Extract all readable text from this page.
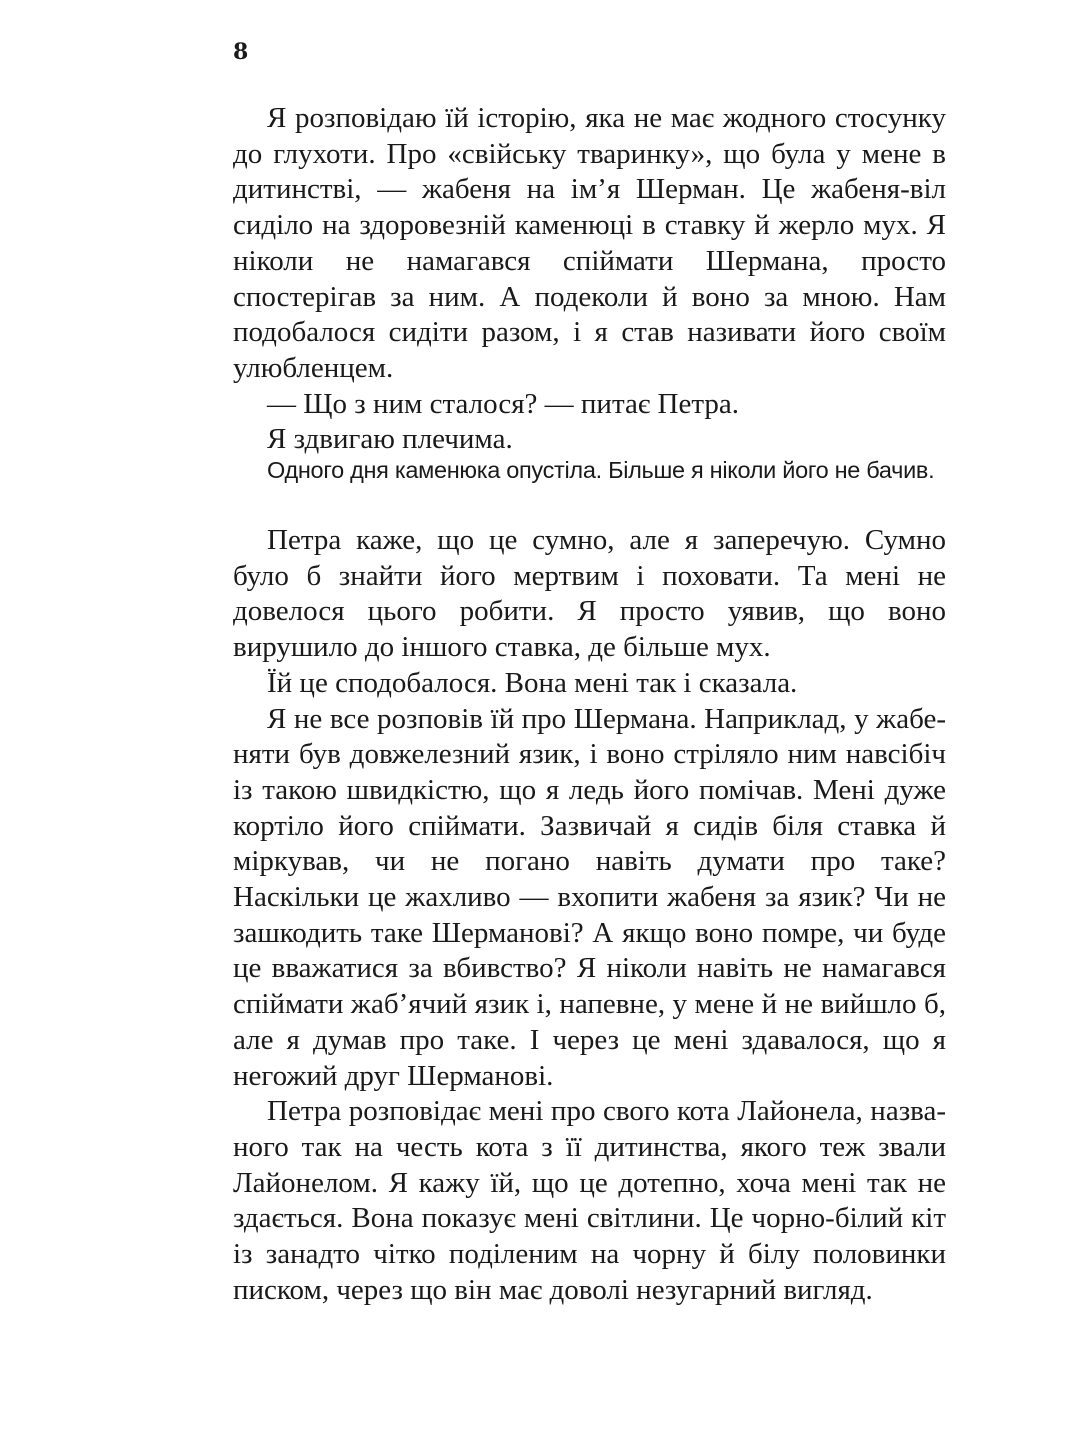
8

Я розповідаю їй історію, яка не має жодного стосунку до глухоти. Про «свійську тваринку», що була у мене в дитинстві, — жабеня на ім’я Шерман. Це жабеня-віл сиділо на здоровезній каменюці в ставку й жерло мух. Я ніколи не намагався спіймати Шермана, просто спостерігав за ним. А подеколи й воно за мною. Нам подобалося сидіти разом, і я став називати його своїм улюбленцем.

— Що з ним сталося? — питає Петра.

Я здвигаю плечима.

Одного дня каменюка опустіла. Більше я ніколи його не бачив.

Петра каже, що це сумно, але я заперечую. Сумно було б знайти його мертвим і поховати. Та мені не довелося цього робити. Я просто уявив, що воно вирушило до іншого ставка, де більше мух.

Їй це сподобалося. Вона мені так і сказала.

Я не все розповів їй про Шермана. Наприклад, у жабеняти був довжелезний язик, і воно стріляло ним навсібіч із такою швидкістю, що я ледь його помічав. Мені дуже кортіло його спіймати. Зазвичай я сидів біля ставка й міркував, чи не погано навіть думати про таке? Наскільки це жахливо — вхопити жабеня за язик? Чи не зашкодить таке Шерманові? А якщо воно помре, чи буде це вважатися за вбивство? Я ніколи навіть не намагався спіймати жаб’ячий язик і, напевне, у мене й не вийшло б, але я думав про таке. І через це мені здавалося, що я негожий друг Шерманові.

Петра розповідає мені про свого кота Лайонела, названого так на честь кота з її дитинства, якого теж звали Лайонелом. Я кажу їй, що це дотепно, хоча мені так не здається. Вона показує мені світлини. Це чорно-білий кіт із занадто чітко поділеним на чорну й білу половинки писком, через що він має доволі незугарний вигляд.
